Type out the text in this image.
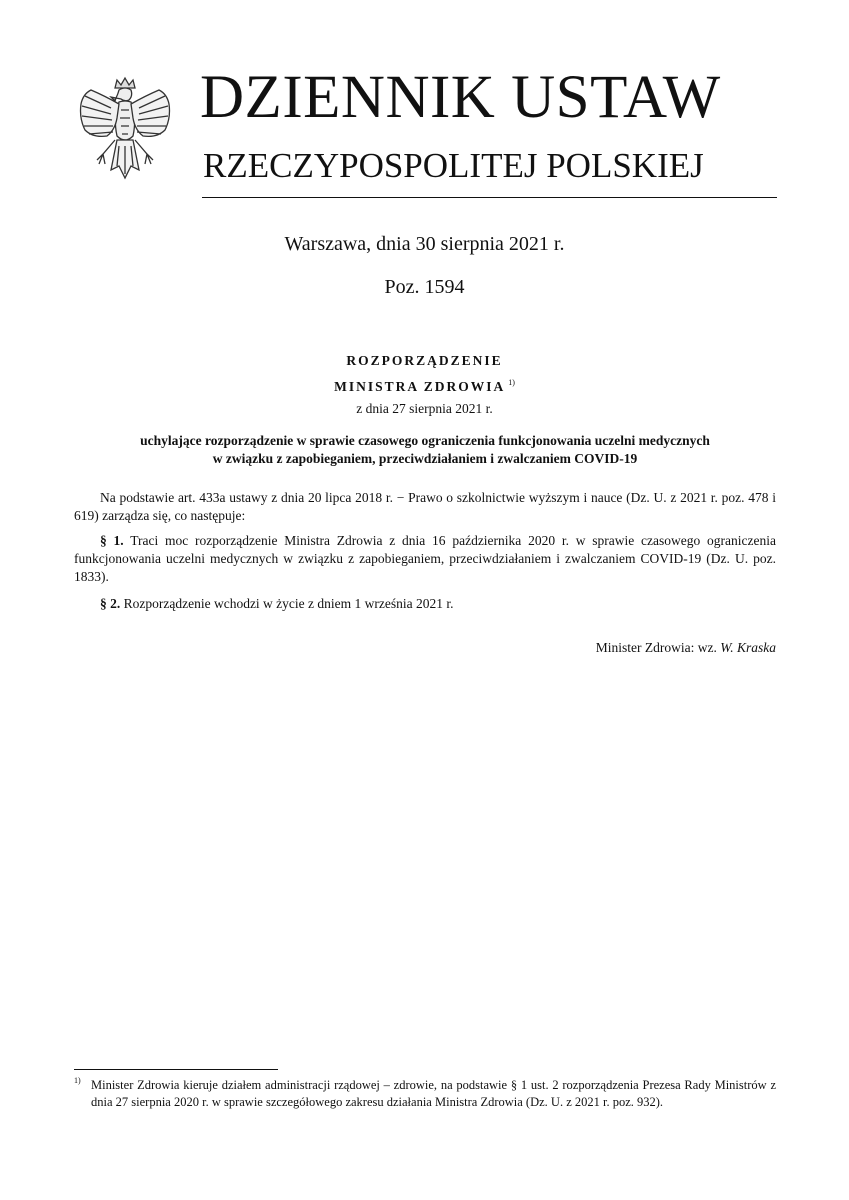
DZIENNIK USTAW
RZECZYPOSPOLITEJ POLSKIEJ
Warszawa, dnia 30 sierpnia 2021 r.
Poz. 1594
ROZPORZĄDZENIE
MINISTRA ZDROWIA $^{1)}$
z dnia 27 sierpnia 2021 r.
uchylające rozporządzenie w sprawie czasowego ograniczenia funkcjonowania uczelni medycznych
w związku z zapobieganiem, przeciwdziałaniem i zwalczaniem COVID-19
Na podstawie art. 433a ustawy z dnia 20 lipca 2018 r. − Prawo o szkolnictwie wyższym i nauce (Dz. U. z 2021 r. poz. 478 i 619) zarządza się, co następuje:
§ 1. Traci moc rozporządzenie Ministra Zdrowia z dnia 16 października 2020 r. w sprawie czasowego ograniczenia funkcjonowania uczelni medycznych w związku z zapobieganiem, przeciwdziałaniem i zwalczaniem COVID-19 (Dz. U. poz. 1833).
§ 2. Rozporządzenie wchodzi w życie z dniem 1 września 2021 r.
Minister Zdrowia: wz. W. Kraska
1) Minister Zdrowia kieruje działem administracji rządowej – zdrowie, na podstawie § 1 ust. 2 rozporządzenia Prezesa Rady Ministrów z dnia 27 sierpnia 2020 r. w sprawie szczegółowego zakresu działania Ministra Zdrowia (Dz. U. z 2021 r. poz. 932).
